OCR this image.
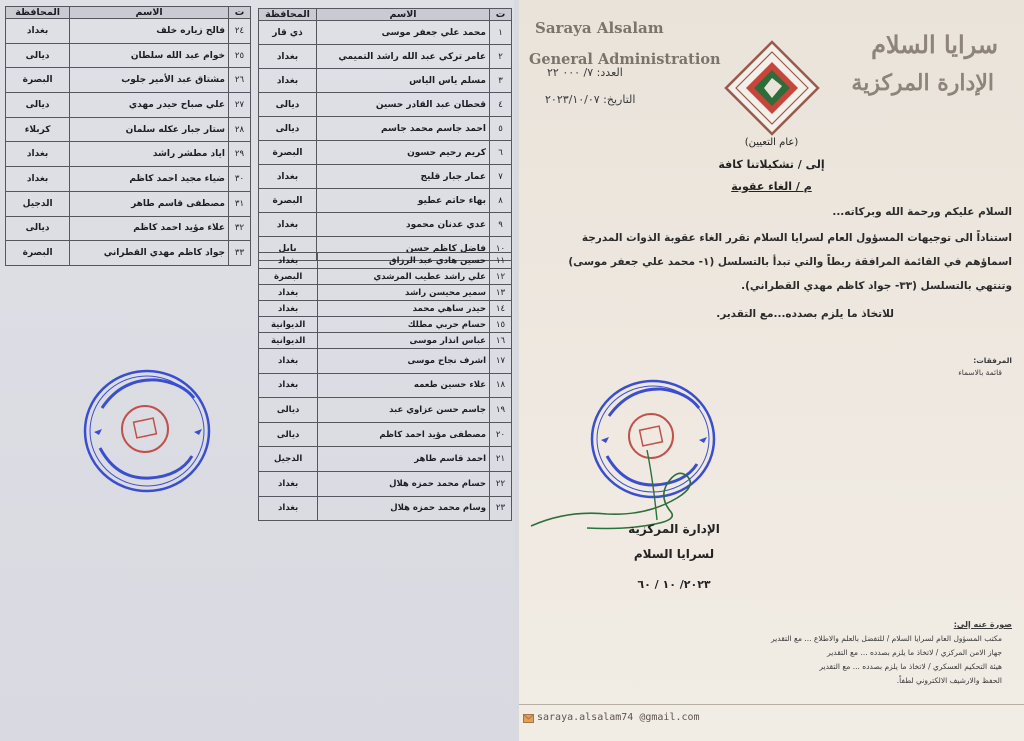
ت	الاسم	المحافظة
١	محمد علي جعفر موسى	ذي قار
٢	عامر تركي عبد الله راشد التميمي	بغداد
٣	مسلم ياس الياس	بغداد
٤	قحطان عبد القادر حسين	ديالى
٥	احمد جاسم محمد جاسم	ديالى
٦	كريم رحيم حسون	البصرة
٧	عمار جبار قليج	بغداد
٨	بهاء حاتم عطيو	البصرة
٩	عدي عدنان محمود	بغداد
١٠	فاضل كاظم حسن	بابل
ت	الاسم	المحافظة
٢٤	فالح زياره خلف	بغداد
٢٥	خوام عبد الله سلطان	ديالى
٢٦	مشتاق عبد الأمير جلوب	البصرة
٢٧	علي صباح حيدر مهدي	ديالى
٢٨	ستار جبار عكله سلمان	كربلاء
٢٩	اياد مطشر راشد	بغداد
٣٠	ضياء مجيد احمد كاظم	بغداد
٣١	مصطفى قاسم طاهر	الدجيل
٣٢	علاء مؤيد احمد كاظم	ديالى
٣٣	جواد كاظم مهدي القطراني	البصرة
١١	حسين هادي عبد الرزاق	بغداد
١٢	علي راشد عطيب المرشدي	البصرة
١٣	سمير محيسن راشد	بغداد
١٤	حيدر ساهي محمد	بغداد
١٥	حسام حربي مطلك	الديوانية
١٦	عباس انذار موسى	الديوانية
١٧	اشرف نجاح موسى	بغداد
١٨	علاء حسين طعمه	بغداد
١٩	جاسم حسن عزاوي عبد	ديالى
٢٠	مصطفى مؤيد احمد كاظم	ديالى
٢١	احمد قاسم طاهر	الدجيل
٢٢	حسام محمد حمزه هلال	بغداد
٢٣	وسام محمد حمزه هلال	بغداد
Saraya Alsalam
General Administration
سرايا السلام
الإدارة المركزية
العدد: ٧/ ٠٠٠ ٢٢
التاريخ: ٢٠٢٣/١٠/٠٧
(عام التعيين)
إلى / تشكيلاتنا كافة
م / الغاء عقوبة
السلام عليكم ورحمة الله وبركاته...
استناداً الى توجيهات المسؤول العام لسرايا السلام تقرر الغاء عقوبة الذوات المدرجة
اسماؤهم في القائمة المرافقة ربطاً والتي تبدأ بالتسلسل (١- محمد علي جعفر موسى)
وتنتهي بالتسلسل (٣٣- جواد كاظم مهدي القطراني).
للاتخاذ ما يلزم بصدده...مع التقدير.
المرفقات:
قائمة بالاسماء
الإدارة المركزية
لسرايا السلام
٢٠٢٣/ ١٠ / ٦٠
صورة عنه إلى:
مكتب المسؤول العام لسرايا السلام / للتفضل بالعلم والاطلاع ... مع التقدير
جهاز الامن المركزي / لاتخاذ ما يلزم بصدده ... مع التقدير
هيئة التحكيم العسكري / لاتخاذ ما يلزم بصدده ... مع التقدير
الحفظ والارشيف الالكتروني لطفاً.
saraya.alsalam74 @gmail.com
